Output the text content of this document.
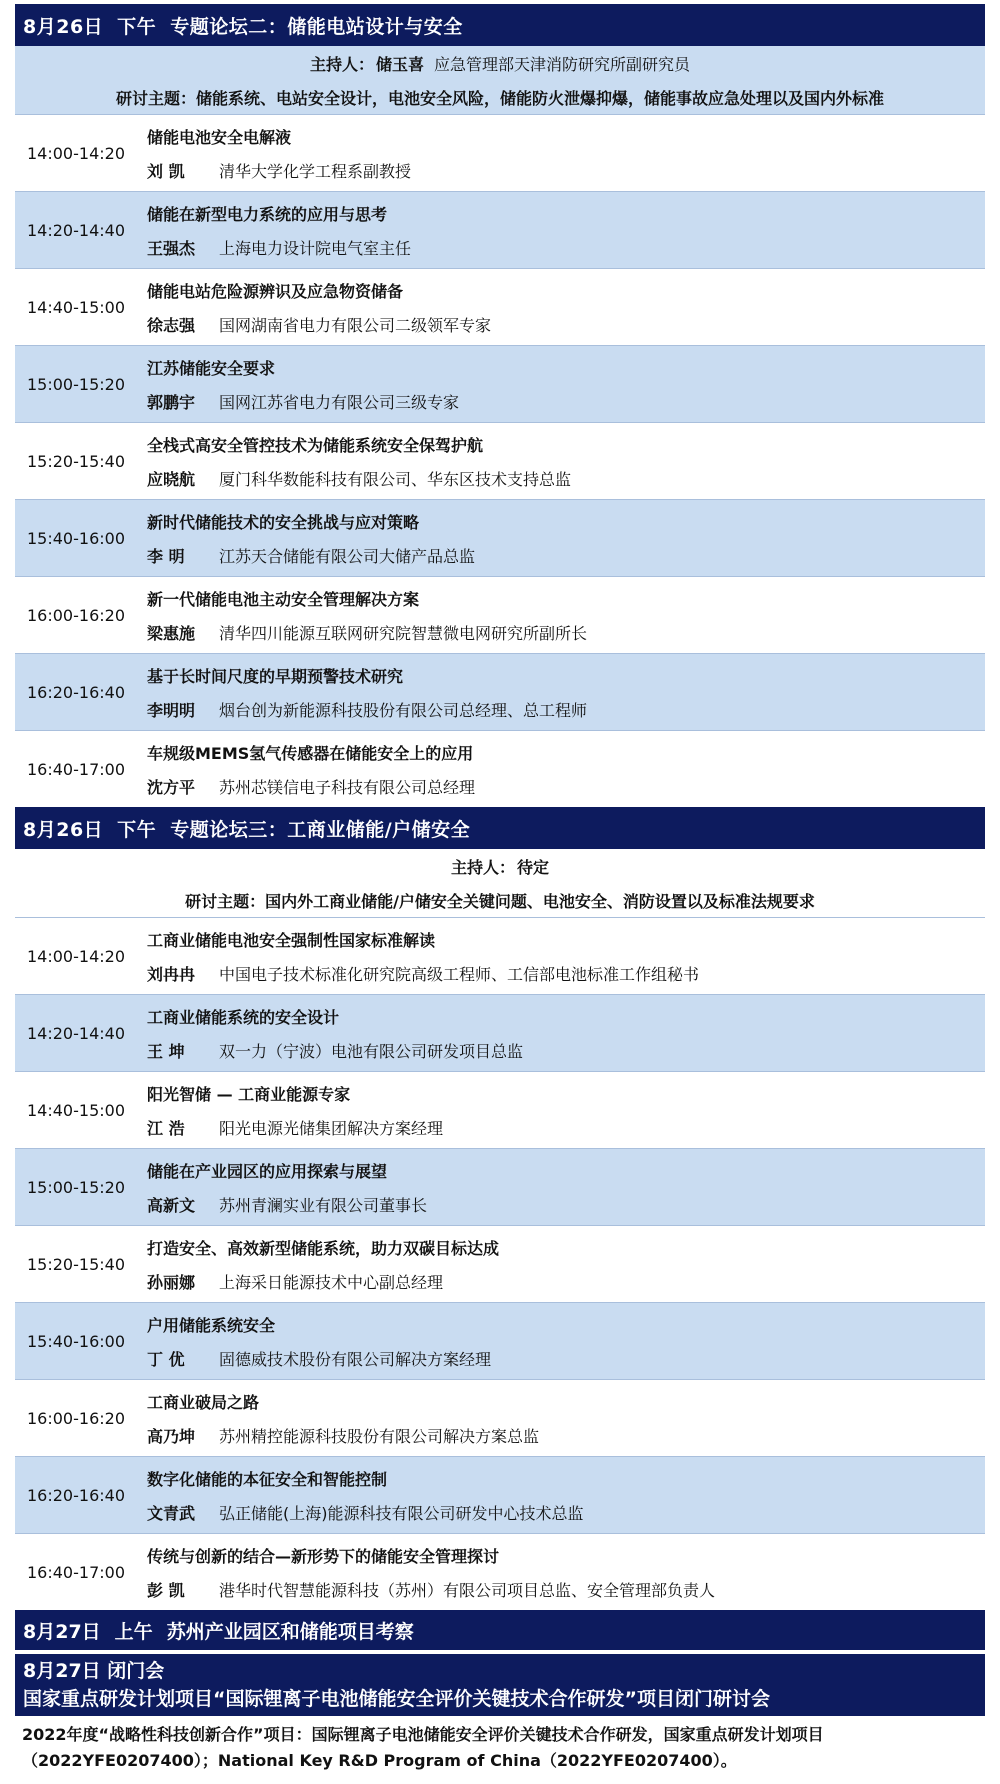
8月26日 下午 专题论坛二：储能电站设计与安全
主持人： 储玉喜 应急管理部天津消防研究所副研究员
研讨主题：储能系统、电站安全设计，电池安全风险，储能防火泄爆抑爆，储能事故应急处理以及国内外标准
14:00-14:20
储能电池安全电解液
刘 凯 清华大学化学工程系副教授
14:20-14:40
储能在新型电力系统的应用与思考
王强杰 上海电力设计院电气室主任
14:40-15:00
储能电站危险源辨识及应急物资储备
徐志强 国网湖南省电力有限公司二级领军专家
15:00-15:20
江苏储能安全要求
郭鹏宇 国网江苏省电力有限公司三级专家
15:20-15:40
全栈式高安全管控技术为储能系统安全保驾护航
应晓航 厦门科华数能科技有限公司、华东区技术支持总监
15:40-16:00
新时代储能技术的安全挑战与应对策略
李 明 江苏天合储能有限公司大储产品总监
16:00-16:20
新一代储能电池主动安全管理解决方案
梁惠施 清华四川能源互联网研究院智慧微电网研究所副所长
16:20-16:40
基于长时间尺度的早期预警技术研究
李明明 烟台创为新能源科技股份有限公司总经理、总工程师
16:40-17:00
车规级MEMS氢气传感器在储能安全上的应用
沈方平 苏州芯镁信电子科技有限公司总经理
8月26日 下午 专题论坛三：工商业储能/户储安全
主持人： 待定
研讨主题：国内外工商业储能/户储安全关键问题、电池安全、消防设置以及标准法规要求
14:00-14:20
工商业储能电池安全强制性国家标准解读
刘冉冉 中国电子技术标准化研究院高级工程师、工信部电池标准工作组秘书
14:20-14:40
工商业储能系统的安全设计
王 坤 双一力（宁波）电池有限公司研发项目总监
14:40-15:00
阳光智储 — 工商业能源专家
江 浩 阳光电源光储集团解决方案经理
15:00-15:20
储能在产业园区的应用探索与展望
高新文 苏州青澜实业有限公司董事长
15:20-15:40
打造安全、高效新型储能系统，助力双碳目标达成
孙丽娜 上海采日能源技术中心副总经理
15:40-16:00
户用储能系统安全
丁 优 固德威技术股份有限公司解决方案经理
16:00-16:20
工商业破局之路
高乃坤 苏州精控能源科技股份有限公司解决方案总监
16:20-16:40
数字化储能的本征安全和智能控制
文青武 弘正储能(上海)能源科技有限公司研发中心技术总监
16:40-17:00
传统与创新的结合—新形势下的储能安全管理探讨
彭 凯 港华时代智慧能源科技（苏州）有限公司项目总监、安全管理部负责人
8月27日 上午 苏州产业园区和储能项目考察
8月27日 闭门会
国家重点研发计划项目“国际锂离子电池储能安全评价关键技术合作研发”项目闭门研讨会
2022年度“战略性科技创新合作”项目：国际锂离子电池储能安全评价关键技术合作研发，国家重点研发计划项目
（2022YFE0207400）；National Key R&D Program of China（2022YFE0207400）。
